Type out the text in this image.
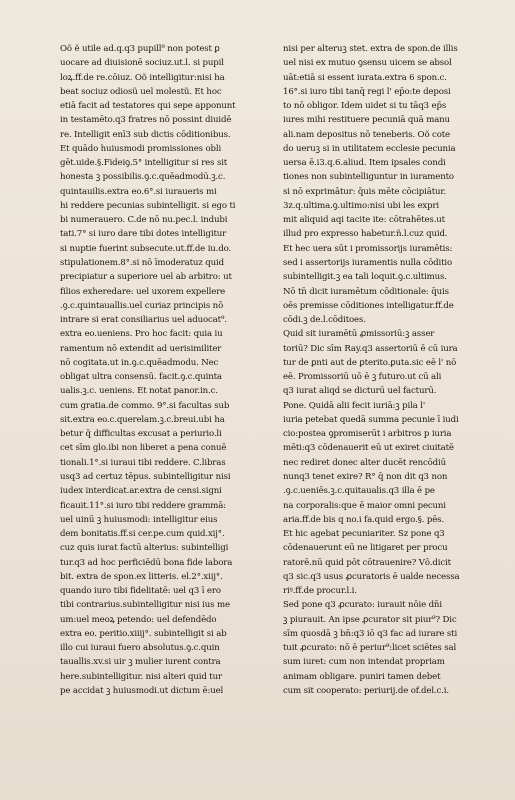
Oõ ẽ utile ad.q.q3 pupill⁹ non potest ꝑ
uocare ad diuisionē sociuz.ut.l. si pupil
loꝝ.ff.de re.cōiuz. Oõ intelligitur:nisi ha
beat sociuz odiosũ uel molestũ. Et hoc
etiā facit ad testatores qui sepe apponunt
in testamēto.q3 fratres nō possint diuidē
re. Intelligit enī3 sub dictis cōditionibus.
Et quādo huiusmodi promissiones obli
gēt.uide.§.Fideiꝯ.5° intelligitur si res sit
honesta ꝫ possibilis.ꝯ.c.quēadmodū.ꝫ.c.
quintauilis.extra eo.6°.si iuraueris mi
hi reddere pecunias subintelligit. si ego ti
bi numerauero. C.de nō nu.pec.l. indubi
tati.7° si iuro dare tibi dotes intelligitur
si nuptie fuerint subsecute.ut.ff.de iu.do.
stipulationem.8°.si nō īmoderatuz quid
precipiatur a superiore uel ab arbitro: ut
filios exheredare: uel uxorem expellere
.ꝯ.c.quintauallis.uel curiaz principis nō
intrare si erat consiliarius uel aduocat⁹.
extra eo.ueniens. Pro hoc facit: quia iu
ramentum nō extendit ad uerisimiliter
nō cogitata.ut in.ꝯ.c.quēadmodu. Nec
obligat ultra consensū. facit.ꝯ.c.quinta
ualis.ꝫ.c. ueniens. Et notat panor.in.c.
cum gratia.de commo. 9°.si facultas sub
sit.extra eo.c.querelam.ꝫ.c.breui.ubi ha
betur q̄ difficultas excusat a periurio.li
cet sīm glo.ibi non liberet a pena conuē
tionali.1°.si iuraui tibi reddere. C.libras
usq3 ad certuz tēpus. subintelligitur nisi
iudex interdicat.ar.extra de censi.signi
ficauit.11°.si iuro tibi reddere grammā:
uel uinū ꝫ huiusmodi: intelligitur eius
dem bonitatis.ff.si cer.pe.cum quid.xij°.
cuz quis iurat factū alterius: subintelligi
tur.q3 ad hoc perficiēdū bona fide labora
bit. extra de spon.ex litteris. el.2°.xiij°.
quando iuro tibi fidelitatē: uel q3 ī ero
tibi contrarius.subintelligitur nisi ius me
um:uel meoꝝ petendo: uel defendēdo
extra eo. peritio.xiiij°. subintelligit si ab
illo cui iuraui fuero absolutus.ꝯ.c.quin
tauallis.xv.si uir ꝫ mulier iurent contra
here.subintelligitur. nisi alteri quid tur
pe accidat ꝫ huiusmodi.ut dictum ē:uel
nisi per alteruꝫ stet. extra de spon.de illis
uel nisi ex mutuo ꝯsensu uicem se absol
uāt:etiā si essent iurata.extra 6 spon.c.
16°.si iuro tibi tanq̄ regi l' ep̄o:te deposi
to nō obligor. Idem uidet si tu tāq3 ep̄s
iures mihi restituere pecuniā quā manu
ali.nam depositus nō teneberis. Oõ cote
do ueruꝫ si in utilitatem ecclesie pecunia
uersa ē.i3.q.6.aliud. Item ipsales condi
tiones non subintelliguntur in iuramento
si nō exprimātur: q̄uis mēte cōcipiātur.
3z.q.ultima.ꝯ.ultimo:nisi ubi les expri
mit aliquid aqi tacite ite: cōtrahētes.ut
illud pro expresso habetur.ñ.l.cuz quid.
Et hec uera sūt i promissorijs iuramētis:
sed i assertorijs iuramentis nulla cōditio
subintelligit.ꝫ ea tali loquit.ꝯ.c.ultimus.
Nō tn̄ dicit iuramētum cōditionale: q̄uis
oēs premisse cōditiones intelligatur.ff.de
cōdi.ꝫ de.l.cōditoes.
Quid sit iuramētū ꝓmissoriū:ꝫ asser
toriū? Dic sīm Ray.q3 assertoriū ē cū iura
tur de ꝑnti aut de ꝑterito.ꝑuta.sic eē l' nō
eē. Promissoriū uō ē ꝫ futuro.ut cū ali
q3 iurat aliqd se dicturū uel facturū.
Pone. Quidā alii fecit iuriā:ꝫ pila l'
iuria petebat quedā summa pecunie ī iudi
cio:postea ꝯpromiserūt i arbitros p iuria
mēti:q3 cōdenauerit eū ut exiret ciuitatē
nec rediret donec alter ducēt rencōdiū
nunq3 tenet exire? R° q̄ non dit q3 non
.ꝯ.c.ueniēs.ꝫ.c.quitaualis.q3 illa ē pe
na corporalis:que ē maior omni pecuni
aria.ff.de bis q no.i fa.quid ergo.§. pēs.
Et hic agebat pecuniariter. Sz pone q3
cōdenauerunt eū ne litigaret per procu
ratorē.nū quid pōt cōtrauenire? Vō.dicit
q3 sic.q3 usus ꝓcuratoris ē ualde necessa
riꝰ.ff.de procur.l.i.
Sed pone q3 ꝓcurato: iurauit nōie dn̄i
ꝫ piurauit. An ipse ꝓcurator sit piur⁹? Dic
sīm quosdā ꝫ bn̄:q3 iō q3 fac ad iurare sti
tuit ꝓcurato: nō ē periur⁹:licet sciētes sal
sum iuret: cum non intendat propriam
animam obligare. puniri tamen debet
cum sit cooperato: periurij.de of.del.c.i.
